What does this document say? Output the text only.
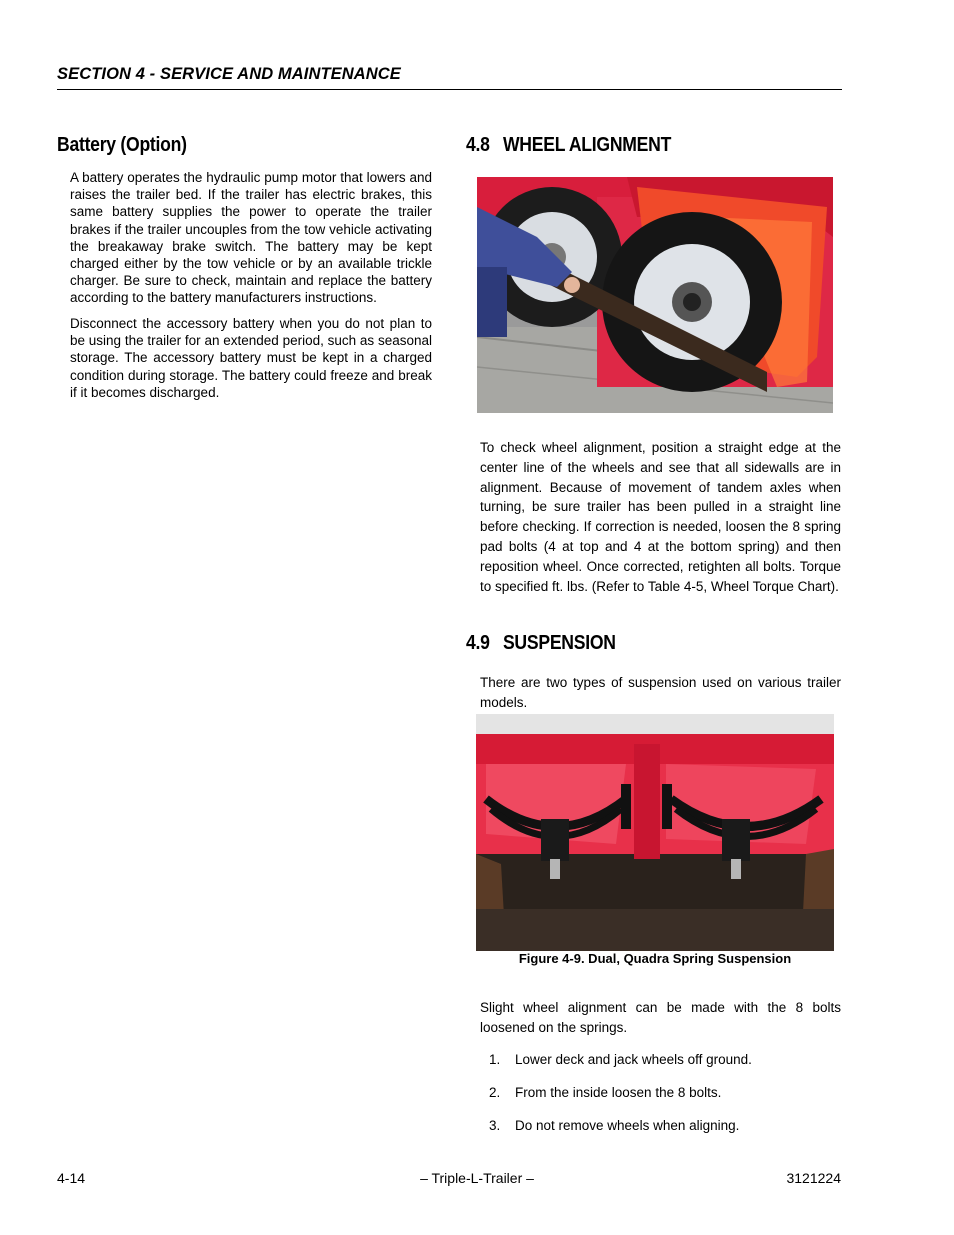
SECTION 4 - SERVICE AND MAINTENANCE
Battery (Option)

A battery operates the hydraulic pump motor that lowers and raises the trailer bed. If the trailer has electric brakes, this same battery supplies the power to operate the trailer brakes if the trailer uncouples from the tow vehicle activating the breakaway brake switch. The battery may be kept charged either by the tow vehicle or by an available trickle charger. Be sure to check, maintain and replace the battery according to the battery manufacturers instructions.

Disconnect the accessory battery when you do not plan to be using the trailer for an extended period, such as seasonal storage. The accessory battery must be kept in a charged condition during storage. The battery could freeze and break if it becomes discharged.

4.8 WHEEL ALIGNMENT

To check wheel alignment, position a straight edge at the center line of the wheels and see that all sidewalls are in alignment. Because of movement of tandem axles when turning, be sure trailer has been pulled in a straight line before checking. If correction is needed, loosen the 8 spring pad bolts (4 at top and 4 at the bottom spring) and then reposition wheel. Once corrected, retighten all bolts. Torque to specified ft. lbs. (Refer to Table 4-5, Wheel Torque Chart).

4.9 SUSPENSION

There are two types of suspension used on various trailer models.

Figure 4-9. Dual, Quadra Spring Suspension

Slight wheel alignment can be made with the 8 bolts loosened on the springs.

1. Lower deck and jack wheels off ground.
2. From the inside loosen the 8 bolts.
3. Do not remove wheels when aligning.
4-14	– Triple-L-Trailer –	3121224
